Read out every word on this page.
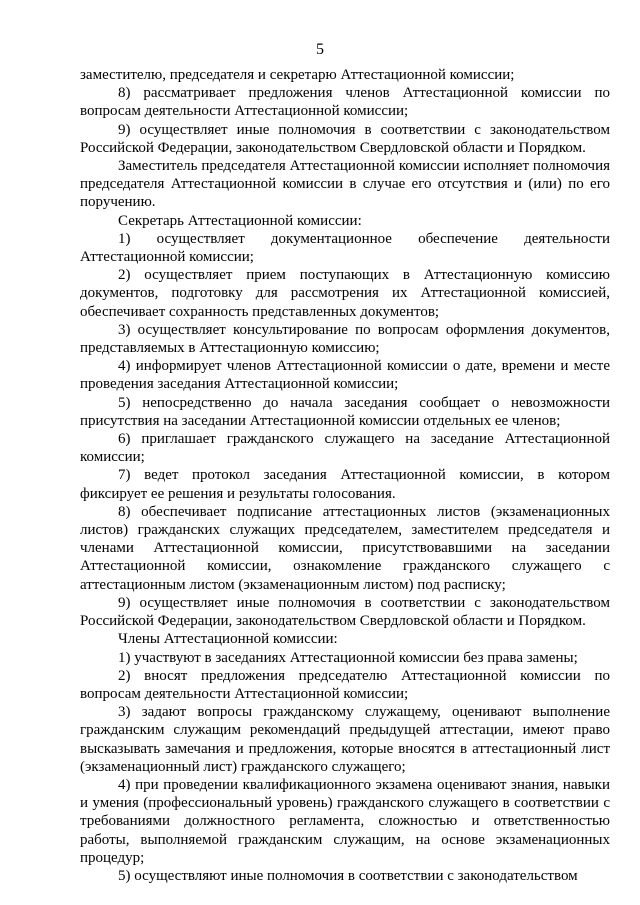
5

заместителю, председателя и секретарю Аттестационной комиссии;

8) рассматривает предложения членов Аттестационной комиссии по вопросам деятельности Аттестационной комиссии;

9) осуществляет иные полномочия в соответствии с законодательством Российской Федерации, законодательством Свердловской области и Порядком.

Заместитель председателя Аттестационной комиссии исполняет полномочия председателя Аттестационной комиссии в случае его отсутствия и (или) по его поручению.

Секретарь Аттестационной комиссии:

1) осуществляет документационное обеспечение деятельности Аттестационной комиссии;

2) осуществляет прием поступающих в Аттестационную комиссию документов, подготовку для рассмотрения их Аттестационной комиссией, обеспечивает сохранность представленных документов;

3) осуществляет консультирование по вопросам оформления документов, представляемых в Аттестационную комиссию;

4) информирует членов Аттестационной комиссии о дате, времени и месте проведения заседания Аттестационной комиссии;

5) непосредственно до начала заседания сообщает о невозможности присутствия на заседании Аттестационной комиссии отдельных ее членов;

6) приглашает гражданского служащего на заседание Аттестационной комиссии;

7) ведет протокол заседания Аттестационной комиссии, в котором фиксирует ее решения и результаты голосования.

8) обеспечивает подписание аттестационных листов (экзаменационных листов) гражданских служащих председателем, заместителем председателя и членами Аттестационной комиссии, присутствовавшими на заседании Аттестационной комиссии, ознакомление гражданского служащего с аттестационным листом (экзаменационным листом) под расписку;

9) осуществляет иные полномочия в соответствии с законодательством Российской Федерации, законодательством Свердловской области и Порядком.

Члены Аттестационной комиссии:

1) участвуют в заседаниях Аттестационной комиссии без права замены;

2) вносят предложения председателю Аттестационной комиссии по вопросам деятельности Аттестационной комиссии;

3) задают вопросы гражданскому служащему, оценивают выполнение гражданским служащим рекомендаций предыдущей аттестации, имеют право высказывать замечания и предложения, которые вносятся в аттестационный лист (экзаменационный лист) гражданского служащего;

4) при проведении квалификационного экзамена оценивают знания, навыки и умения (профессиональный уровень) гражданского служащего в соответствии с требованиями должностного регламента, сложностью и ответственностью работы, выполняемой гражданским служащим, на основе экзаменационных процедур;

5) осуществляют иные полномочия в соответствии с законодательством
